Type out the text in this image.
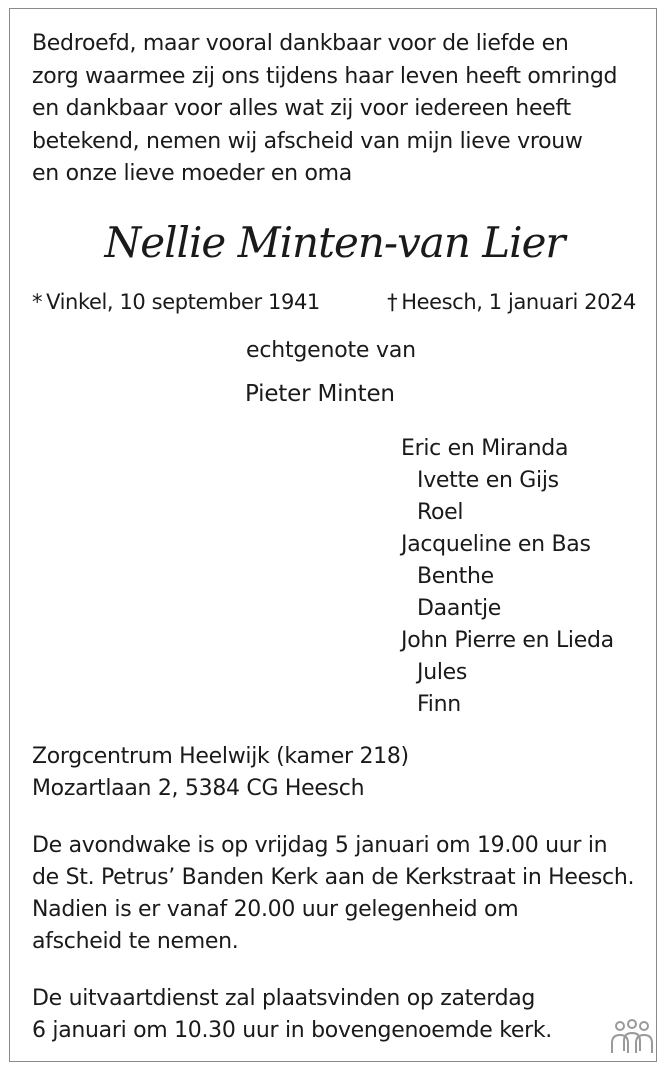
Bedroefd, maar vooral dankbaar voor de liefde en
zorg waarmee zij ons tijdens haar leven heeft omringd
en dankbaar voor alles wat zij voor iedereen heeft
betekend, nemen wij afscheid van mijn lieve vrouw
en onze lieve moeder en oma
Nellie Minten-van Lier
* Vinkel, 10 september 1941	† Heesch, 1 januari 2024
echtgenote van
Pieter Minten
Eric en Miranda
Ivette en Gijs
Roel
Jacqueline en Bas
Benthe
Daantje
John Pierre en Lieda
Jules
Finn
Zorgcentrum Heelwijk (kamer 218)
Mozartlaan 2, 5384 CG Heesch
De avondwake is op vrijdag 5 januari om 19.00 uur in
de St. Petrus’ Banden Kerk aan de Kerkstraat in Heesch.
Nadien is er vanaf 20.00 uur gelegenheid om
afscheid te nemen.
De uitvaartdienst zal plaatsvinden op zaterdag
6 januari om 10.30 uur in bovengenoemde kerk.
